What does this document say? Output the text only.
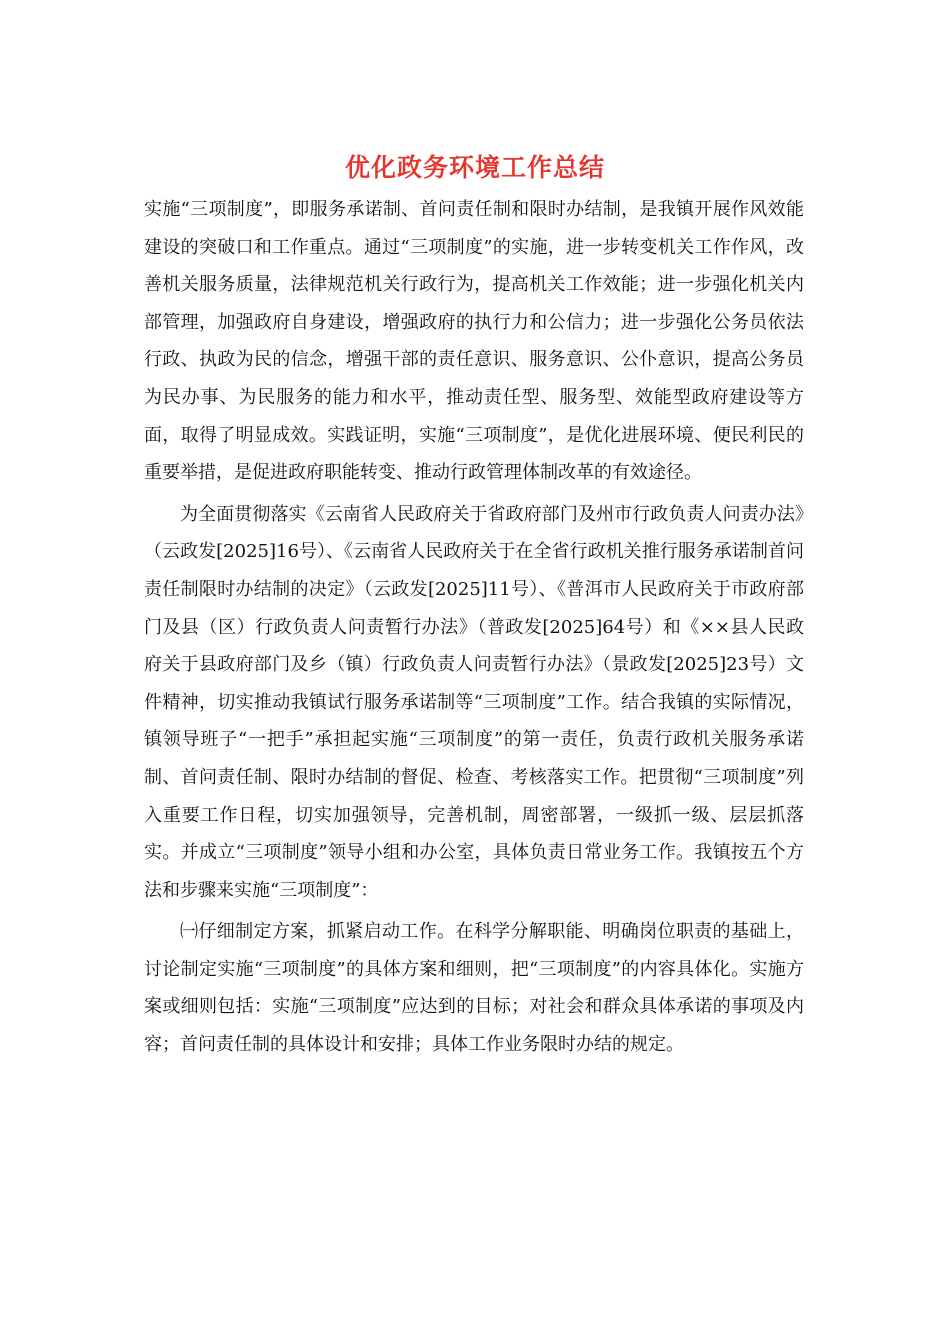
优化政务环境工作总结

实施“三项制度”，即服务承诺制、首问责任制和限时办结制，是我镇开展作风效能建设的突破口和工作重点。通过“三项制度”的实施，进一步转变机关工作作风，改善机关服务质量，法律规范机关行政行为，提高机关工作效能；进一步强化机关内部管理，加强政府自身建设，增强政府的执行力和公信力；进一步强化公务员依法行政、执政为民的信念，增强干部的责任意识、服务意识、公仆意识，提高公务员为民办事、为民服务的能力和水平，推动责任型、服务型、效能型政府建设等方面，取得了明显成效。实践证明，实施“三项制度”，是优化进展环境、便民利民的重要举措，是促进政府职能转变、推动行政管理体制改革的有效途径。

为全面贯彻落实《云南省人民政府关于省政府部门及州市行政负责人问责办法》（云政发[2025]16号）、《云南省人民政府关于在全省行政机关推行服务承诺制首问责任制限时办结制的决定》（云政发[2025]11号）、《普洱市人民政府关于市政府部门及县（区）行政负责人问责暂行办法》（普政发[2025]64号）和《××县人民政府关于县政府部门及乡（镇）行政负责人问责暂行办法》（景政发[2025]23号）文件精神，切实推动我镇试行服务承诺制等“三项制度”工作。结合我镇的实际情况，镇领导班子“一把手”承担起实施“三项制度”的第一责任，负责行政机关服务承诺制、首问责任制、限时办结制的督促、检查、考核落实工作。把贯彻“三项制度”列入重要工作日程，切实加强领导，完善机制，周密部署，一级抓一级、层层抓落实。并成立“三项制度”领导小组和办公室，具体负责日常业务工作。我镇按五个方法和步骤来实施“三项制度”：

㈠仔细制定方案，抓紧启动工作。在科学分解职能、明确岗位职责的基础上，讨论制定实施“三项制度”的具体方案和细则，把“三项制度”的内容具体化。实施方案或细则包括：实施“三项制度”应达到的目标；对社会和群众具体承诺的事项及内容；首问责任制的具体设计和安排；具体工作业务限时办结的规定。
